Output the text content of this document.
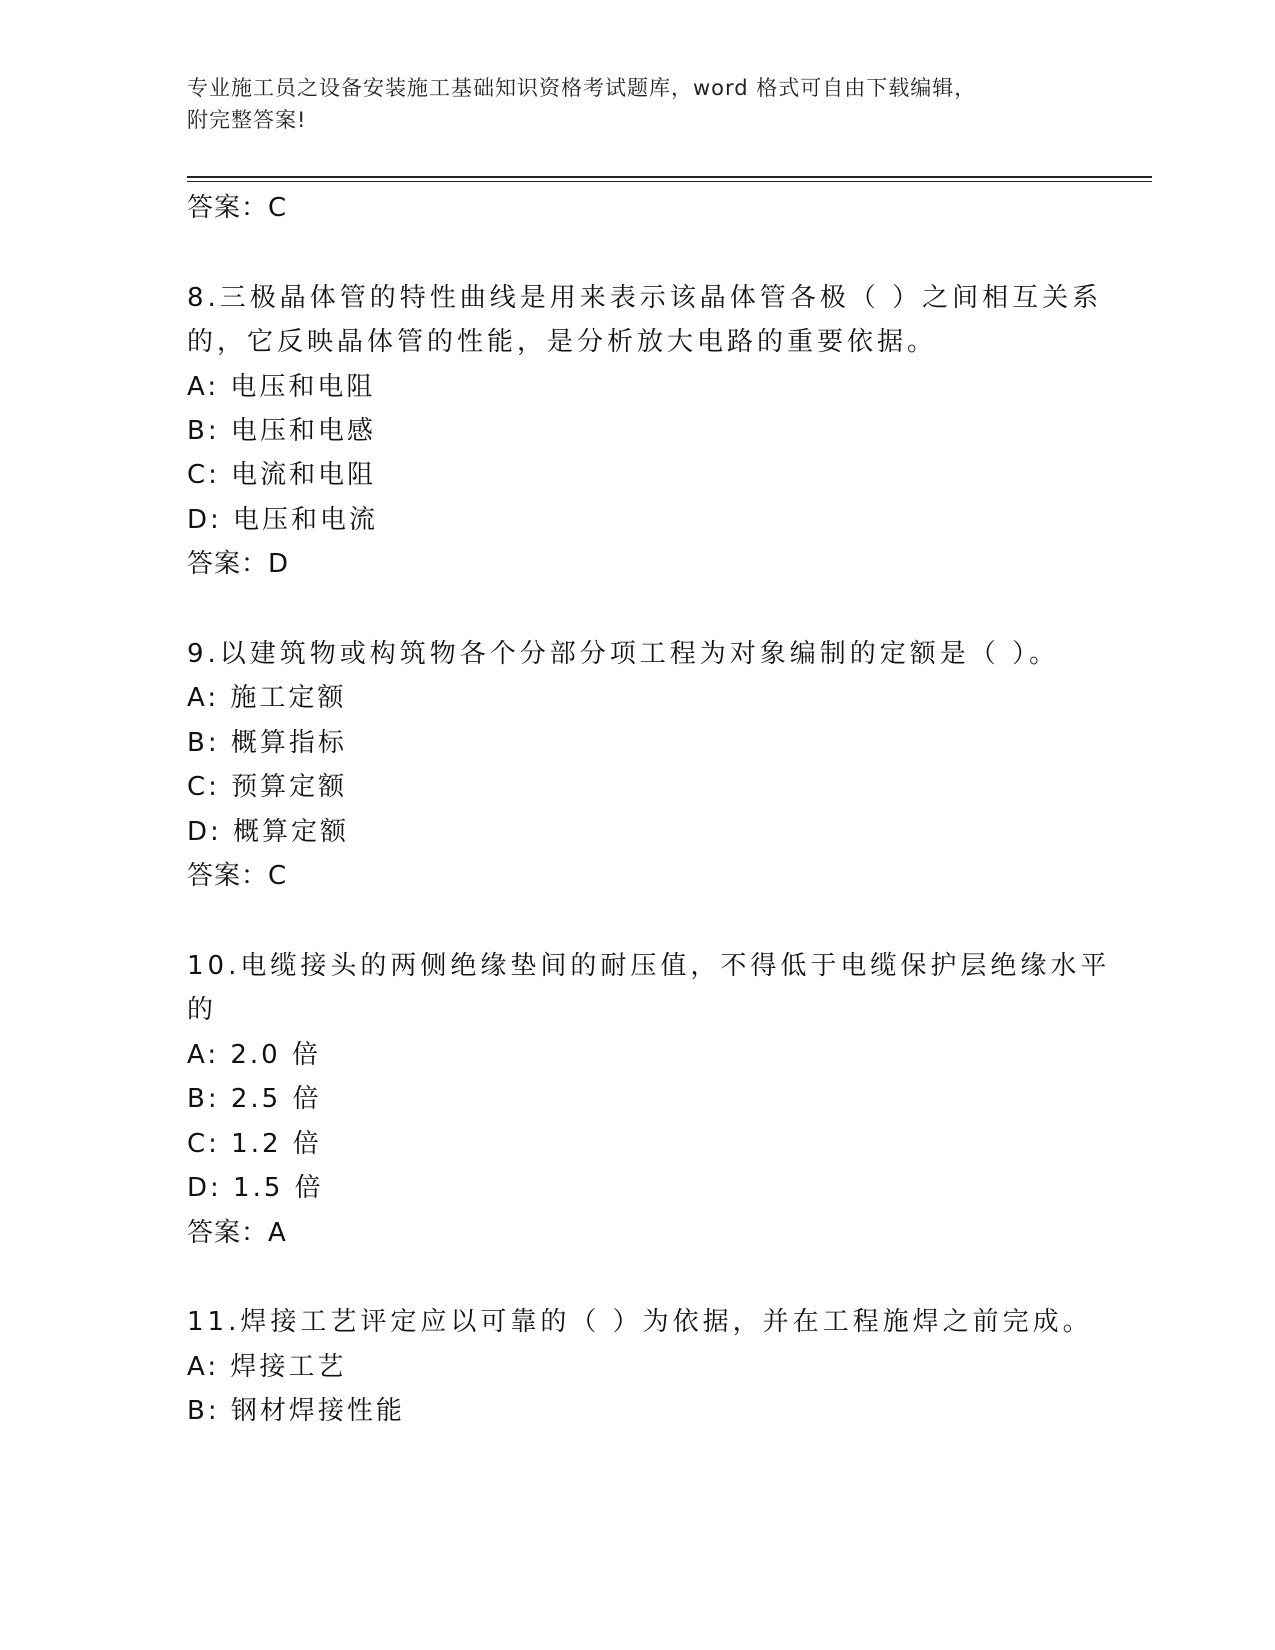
专业施工员之设备安装施工基础知识资格考试题库，word 格式可自由下载编辑，
附完整答案!
答案：C
8.三极晶体管的特性曲线是用来表示该晶体管各极（ ）之间相互关系
的，它反映晶体管的性能，是分析放大电路的重要依据。
A: 电压和电阻
B: 电压和电感
C: 电流和电阻
D: 电压和电流
答案：D
9.以建筑物或构筑物各个分部分项工程为对象编制的定额是（ ）。
A: 施工定额
B: 概算指标
C: 预算定额
D: 概算定额
答案：C
10.电缆接头的两侧绝缘垫间的耐压值，不得低于电缆保护层绝缘水平
的
A: 2.0 倍
B: 2.5 倍
C: 1.2 倍
D: 1.5 倍
答案：A
11.焊接工艺评定应以可靠的（ ）为依据，并在工程施焊之前完成。
A: 焊接工艺
B: 钢材焊接性能
